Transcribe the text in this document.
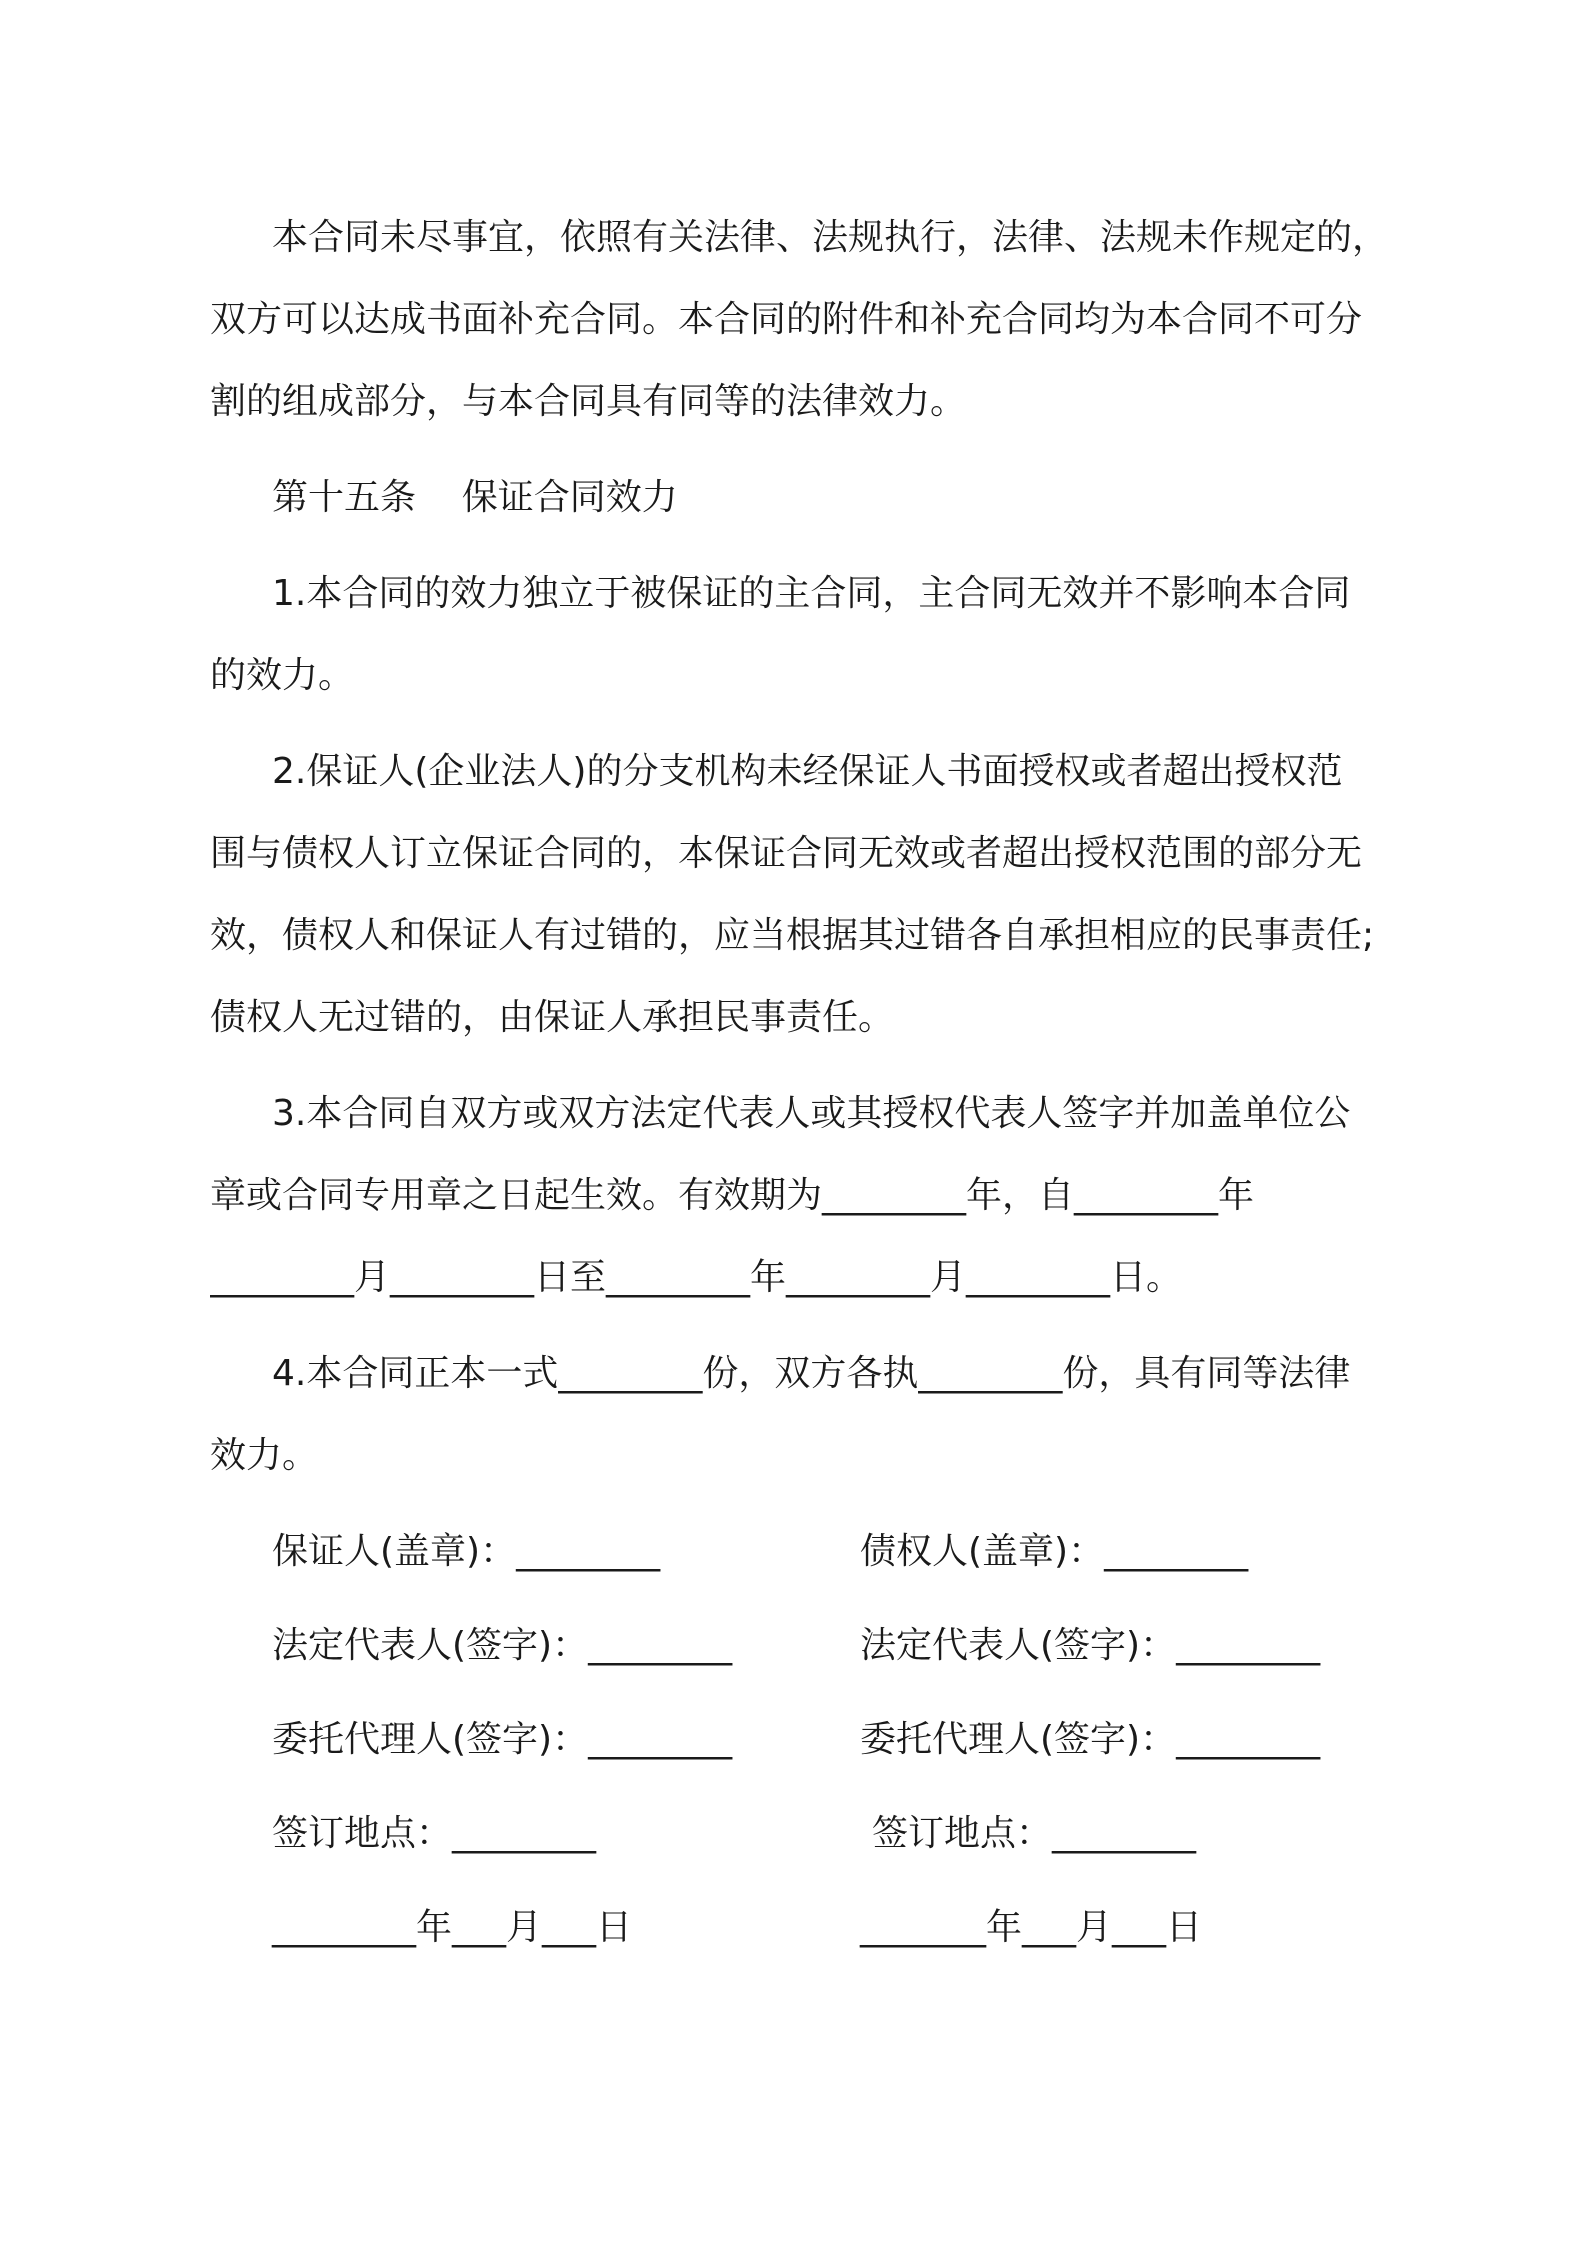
本合同未尽事宜，依照有关法律、法规执行，法律、法规未作规定的，
双方可以达成书面补充合同。本合同的附件和补充合同均为本合同不可分
割的组成部分，与本合同具有同等的法律效力。
第十五条    保证合同效力
1.本合同的效力独立于被保证的主合同，主合同无效并不影响本合同
的效力。
2.保证人(企业法人)的分支机构未经保证人书面授权或者超出授权范
围与债权人订立保证合同的，本保证合同无效或者超出授权范围的部分无
效，债权人和保证人有过错的，应当根据其过错各自承担相应的民事责任;
债权人无过错的，由保证人承担民事责任。
3.本合同自双方或双方法定代表人或其授权代表人签字并加盖单位公
章或合同专用章之日起生效。有效期为________年，自________年
________月________日至________年________月________日。
4.本合同正本一式________份，双方各执________份，具有同等法律
效力。
保证人(盖章)：________	债权人(盖章)：________
法定代表人(签字)：________	法定代表人(签字)：________
委托代理人(签字)：________	委托代理人(签字)：________
签订地点：________	签订地点：________
________年___月___日	_______年___月___日
